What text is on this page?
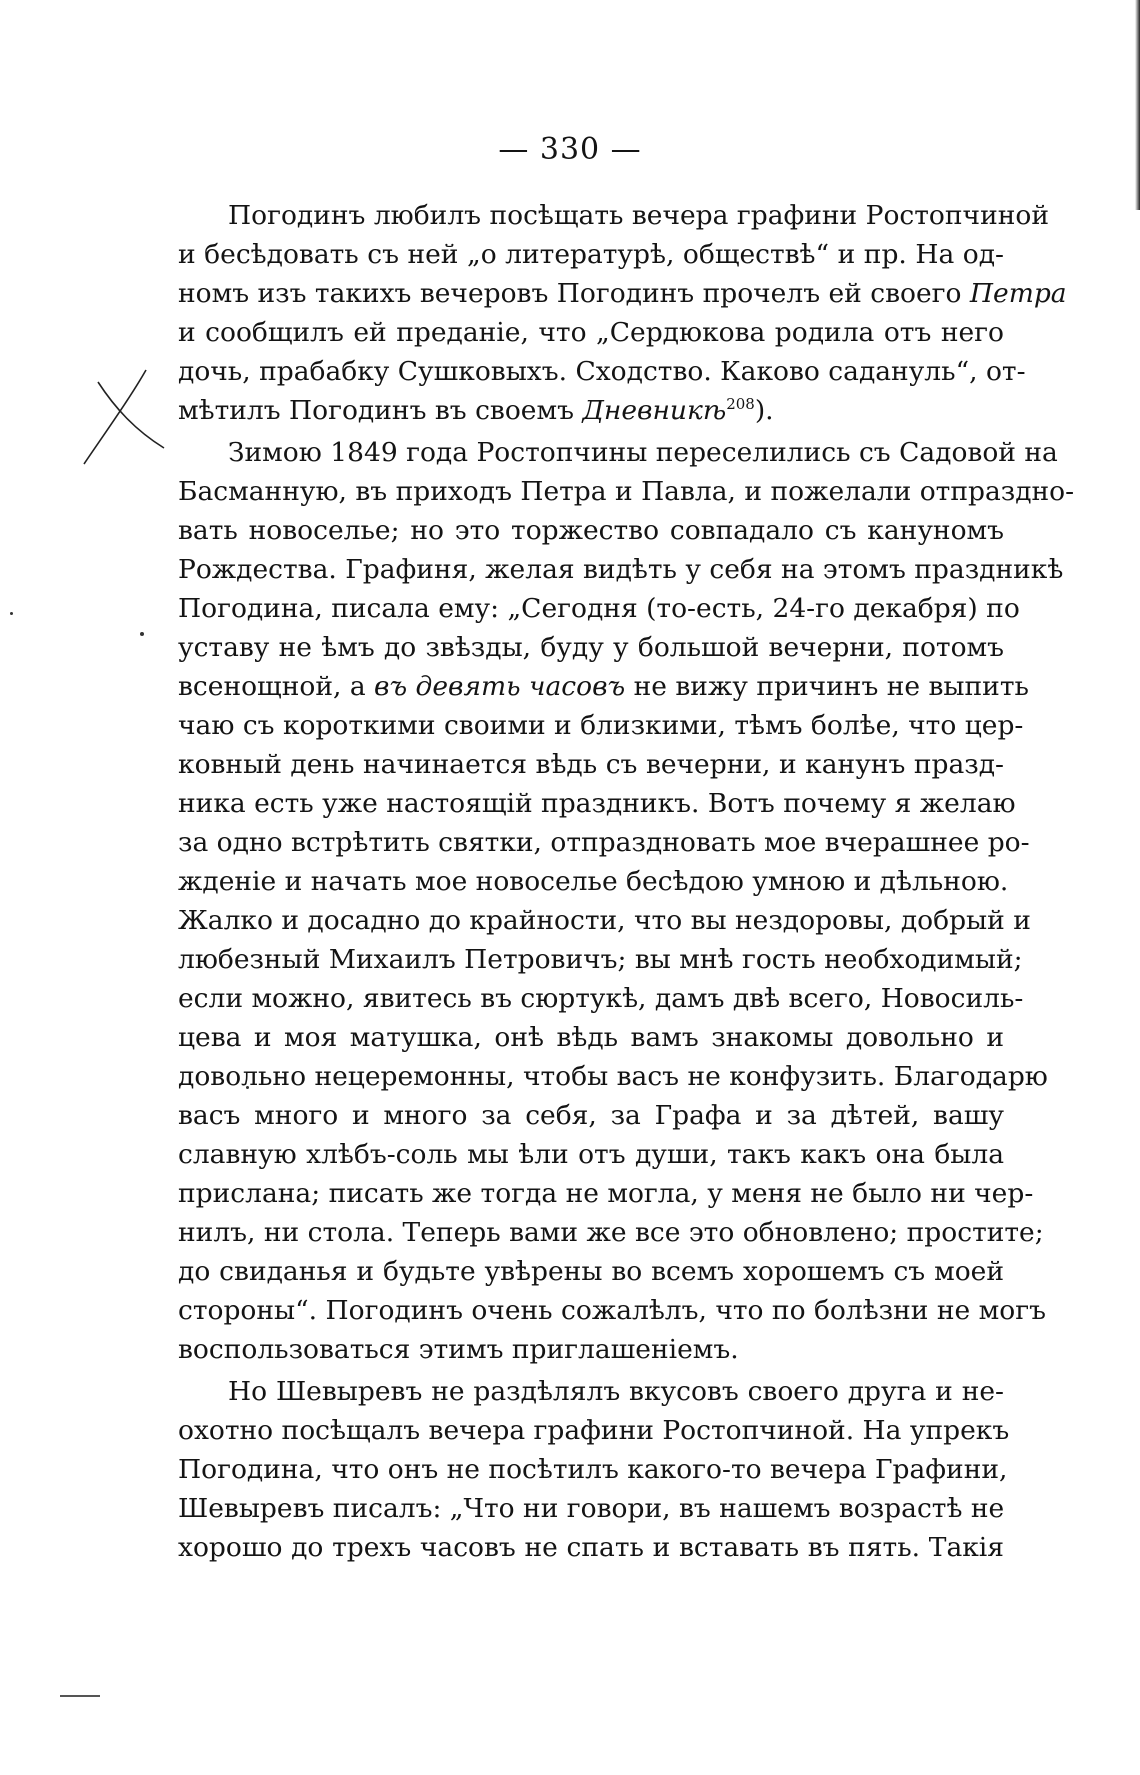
— 330 —
Погодинъ любилъ посѣщать вечера графини Ростопчиной
и бесѣдовать съ ней „о литературѣ, обществѣ“ и пр. На од-
номъ изъ такихъ вечеровъ Погодинъ прочелъ ей своего Петра
и сообщилъ ей преданіе, что „Сердюкова родила отъ него
дочь, прабабку Сушковыхъ. Сходство. Каково садануль“, от-
мѣтилъ Погодинъ въ своемъ Дневникѣ$^{208}$).
Зимою 1849 года Ростопчины переселились съ Садовой на
Басманную, въ приходъ Петра и Павла, и пожелали отпраздно-
вать новоселье; но это торжество совпадало съ кануномъ
Рождества. Графиня, желая видѣть у себя на этомъ праздникѣ
Погодина, писала ему: „Сегодня (то-есть, 24-го декабря) по
уставу не ѣмъ до звѣзды, буду у большой вечерни, потомъ
всенощной, а въ девять часовъ не вижу причинъ не выпить
чаю съ короткими своими и близкими, тѣмъ болѣе, что цер-
ковный день начинается вѣдь съ вечерни, и канунъ празд-
ника есть уже настоящій праздникъ. Вотъ почему я желаю
за одно встрѣтить святки, отпраздновать мое вчерашнее ро-
жденіе и начать мое новоселье бесѣдою умною и дѣльною.
Жалко и досадно до крайности, что вы нездоровы, добрый и
любезный Михаилъ Петровичъ; вы мнѣ гость необходимый;
если можно, явитесь въ сюртукѣ, дамъ двѣ всего, Новосиль-
цева и моя матушка, онѣ вѣдь вамъ знакомы довольно и
довольно нецеремонны, чтобы васъ не конфузить. Благодарю
васъ много и много за себя, за Графа и за дѣтей, вашу
славную хлѣбъ-соль мы ѣли отъ души, такъ какъ она была
прислана; писать же тогда не могла, у меня не было ни чер-
нилъ, ни стола. Теперь вами же все это обновлено; простите;
до свиданья и будьте увѣрены во всемъ хорошемъ съ моей
стороны“. Погодинъ очень сожалѣлъ, что по болѣзни не могъ
воспользоваться этимъ приглашеніемъ.
Но Шевыревъ не раздѣлялъ вкусовъ своего друга и не-
охотно посѣщалъ вечера графини Ростопчиной. На упрекъ
Погодина, что онъ не посѣтилъ какого-то вечера Графини,
Шевыревъ писалъ: „Что ни говори, въ нашемъ возрастѣ не
хорошо до трехъ часовъ не спать и вставать въ пять. Такія
